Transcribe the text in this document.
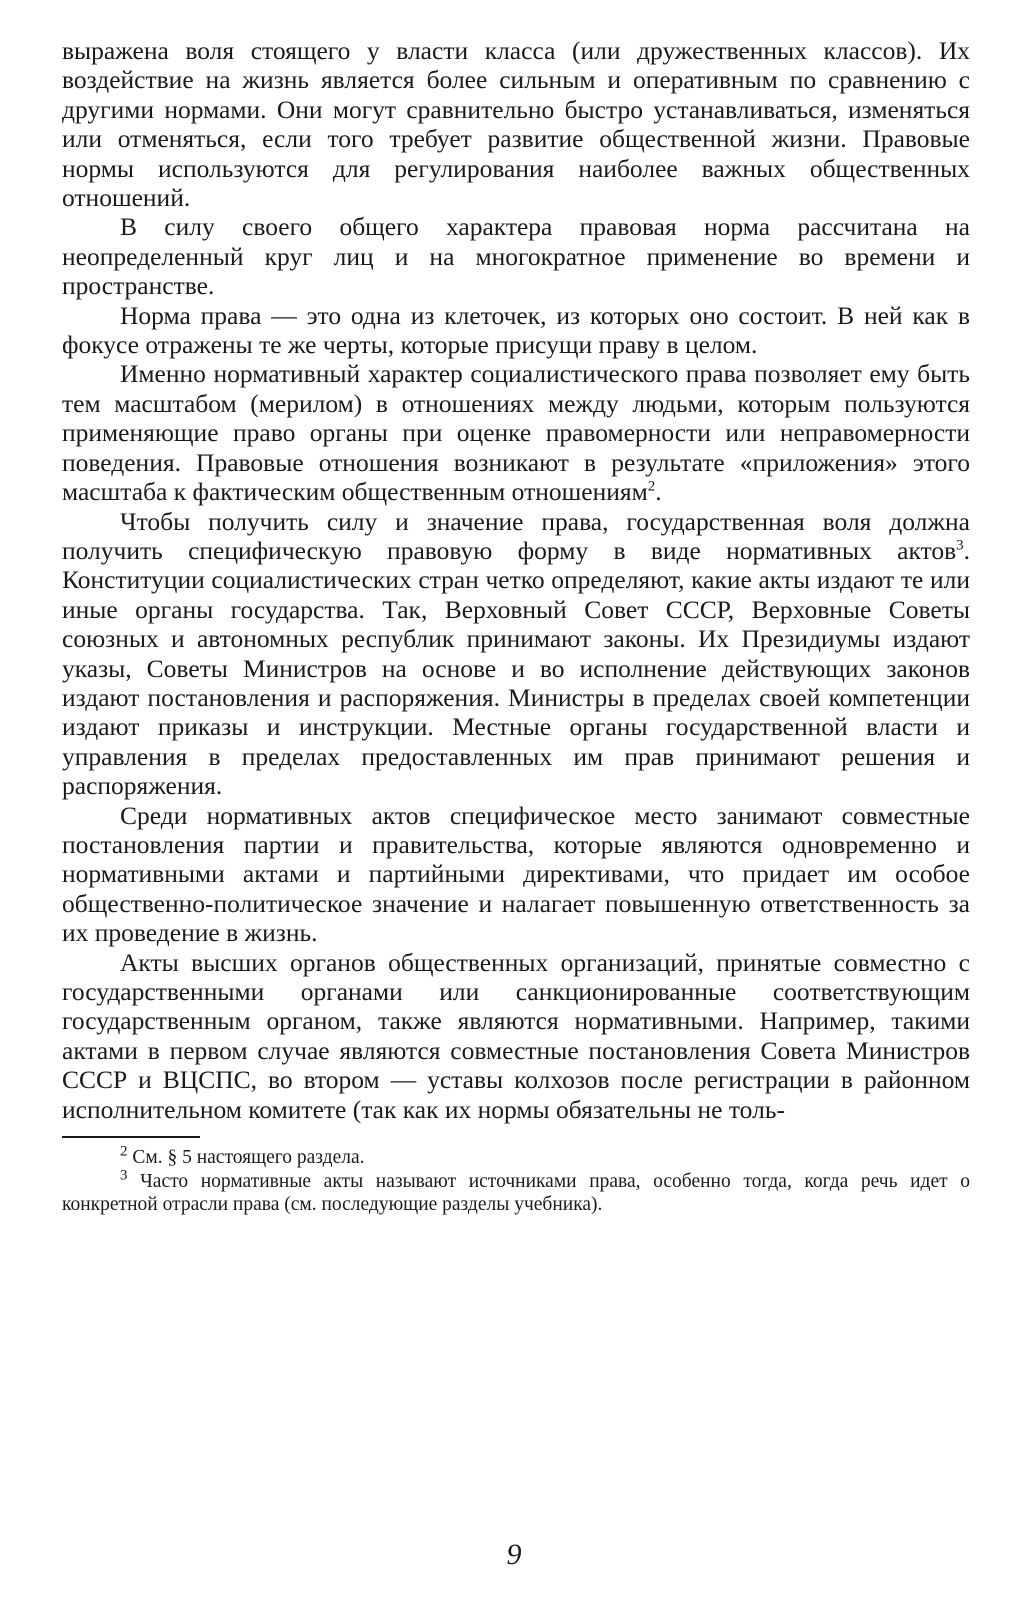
выражена воля стоящего у власти класса (или дружественных классов). Их воздействие на жизнь является более сильным и оперативным по сравнению с другими нормами. Они могут сравнительно быстро устанавливаться, изменяться или отменяться, если того требует развитие общественной жизни. Правовые нормы используются для регулирования наиболее важных общественных отношений.

В силу своего общего характера правовая норма рассчитана на неопределенный круг лиц и на многократное применение во времени и пространстве.

Норма права — это одна из клеточек, из которых оно состоит. В ней как в фокусе отражены те же черты, которые присущи праву в целом.

Именно нормативный характер социалистического права позволяет ему быть тем масштабом (мерилом) в отношениях между людьми, которым пользуются применяющие право органы при оценке правомерности или неправомерности поведения. Правовые отношения возникают в результате «приложения» этого масштаба к фактическим общественным отношениям$^2$.

Чтобы получить силу и значение права, государственная воля должна получить специфическую правовую форму в виде нормативных актов$^3$. Конституции социалистических стран четко определяют, какие акты издают те или иные органы государства. Так, Верховный Совет СССР, Верховные Советы союзных и автономных республик принимают законы. Их Президиумы издают указы, Советы Министров на основе и во исполнение действующих законов издают постановления и распоряжения. Министры в пределах своей компетенции издают приказы и инструкции. Местные органы государственной власти и управления в пределах предоставленных им прав принимают решения и распоряжения.

Среди нормативных актов специфическое место занимают совместные постановления партии и правительства, которые являются одновременно и нормативными актами и партийными директивами, что придает им особое общественно-политическое значение и налагает повышенную ответственность за их проведение в жизнь.

Акты высших органов общественных организаций, принятые совместно с государственными органами или санкционированные соответствующим государственным органом, также являются нормативными. Например, такими актами в первом случае являются совместные постановления Совета Министров СССР и ВЦСПС, во втором — уставы колхозов после регистрации в районном исполнительном комитете (так как их нормы обязательны не толь-

$^2$ См. § 5 настоящего раздела.

$^3$ Часто нормативные акты называют источниками права, особенно тогда, когда речь идет о конкретной отрасли права (см. последующие разделы учебника).

9
